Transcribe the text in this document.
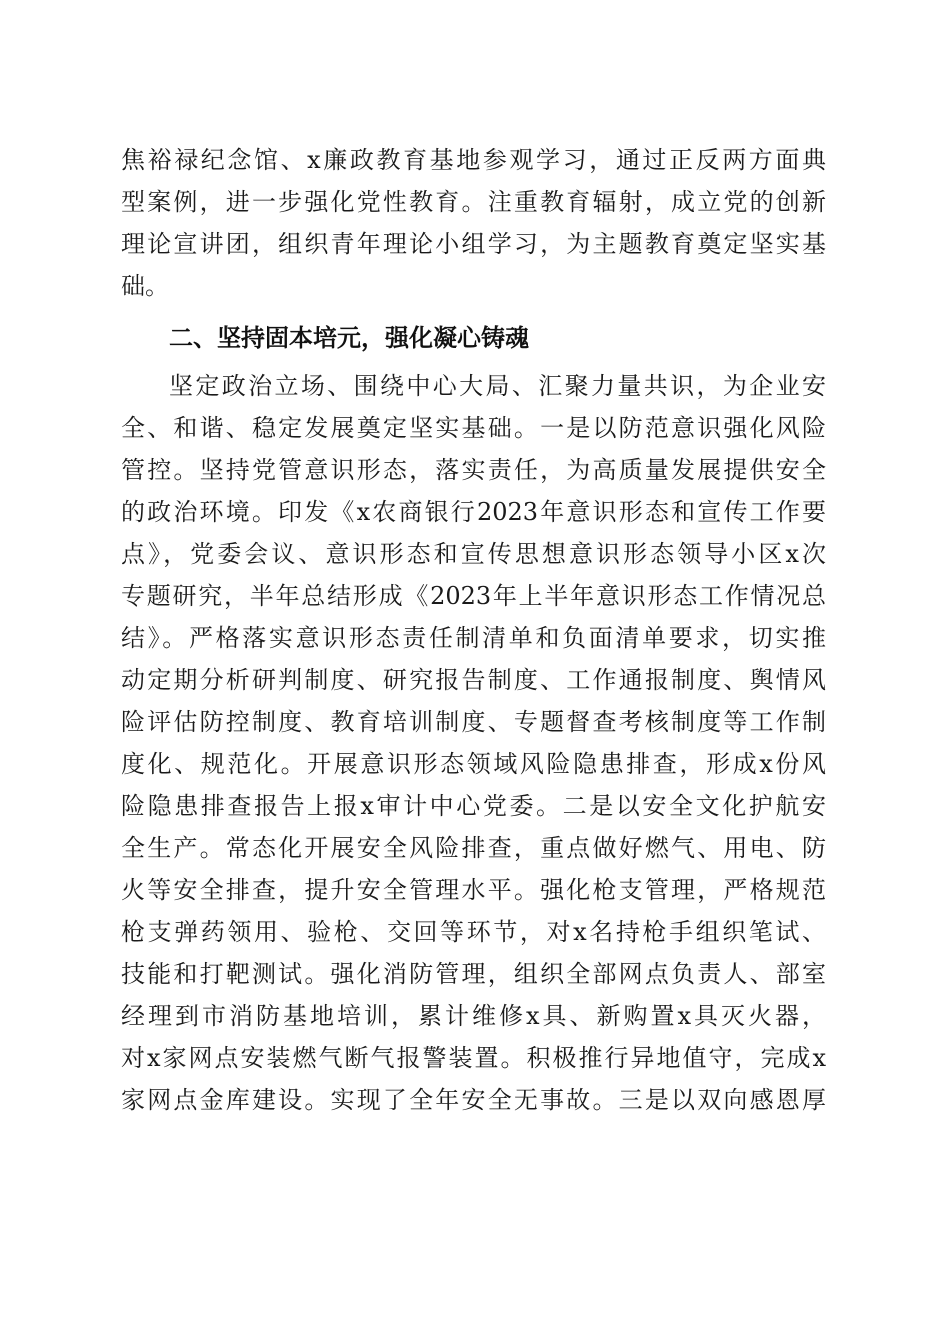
焦裕禄纪念馆、x廉政教育基地参观学习，通过正反两方面典
型案例，进一步强化党性教育。注重教育辐射，成立党的创新
理论宣讲团，组织青年理论小组学习，为主题教育奠定坚实基
础。
二、坚持固本培元，强化凝心铸魂
坚定政治立场、围绕中心大局、汇聚力量共识，为企业安
全、和谐、稳定发展奠定坚实基础。一是以防范意识强化风险
管控。坚持党管意识形态，落实责任，为高质量发展提供安全
的政治环境。印发《x农商银行2023年意识形态和宣传工作要
点》，党委会议、意识形态和宣传思想意识形态领导小区x次
专题研究，半年总结形成《2023年上半年意识形态工作情况总
结》。严格落实意识形态责任制清单和负面清单要求，切实推
动定期分析研判制度、研究报告制度、工作通报制度、舆情风
险评估防控制度、教育培训制度、专题督查考核制度等工作制
度化、规范化。开展意识形态领域风险隐患排查，形成x份风
险隐患排查报告上报x审计中心党委。二是以安全文化护航安
全生产。常态化开展安全风险排查，重点做好燃气、用电、防
火等安全排查，提升安全管理水平。强化枪支管理，严格规范
枪支弹药领用、验枪、交回等环节，对x名持枪手组织笔试、
技能和打靶测试。强化消防管理，组织全部网点负责人、部室
经理到市消防基地培训，累计维修x具、新购置x具灭火器，
对x家网点安装燃气断气报警装置。积极推行异地值守，完成x
家网点金库建设。实现了全年安全无事故。三是以双向感恩厚
